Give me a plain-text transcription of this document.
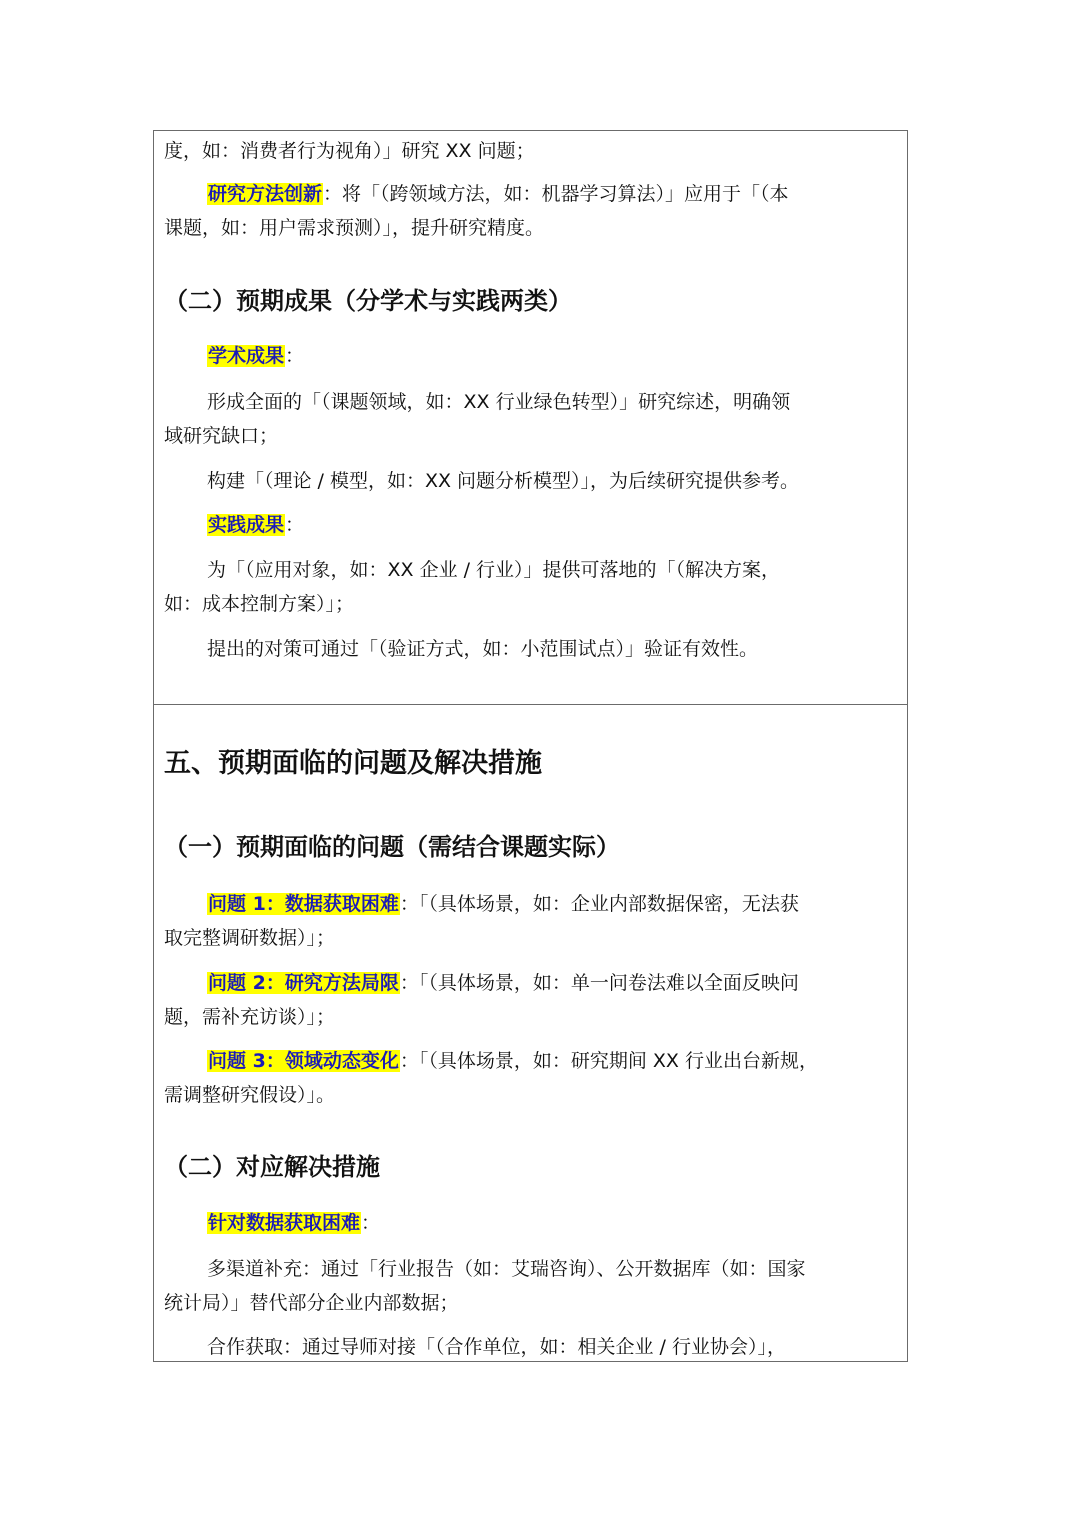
度，如：消费者行为视角）」研究 XX 问题；
研究方法创新：将「（跨领域方法，如：机器学习算法）」应用于「（本
课题，如：用户需求预测）」，提升研究精度。
（二）预期成果（分学术与实践两类）
学术成果：
形成全面的「（课题领域，如：XX 行业绿色转型）」研究综述，明确领
域研究缺口；
构建「（理论 / 模型，如：XX 问题分析模型）」，为后续研究提供参考。
实践成果：
为「（应用对象，如：XX 企业 / 行业）」提供可落地的「（解决方案，
如：成本控制方案）」；
提出的对策可通过「（验证方式，如：小范围试点）」验证有效性。
五、预期面临的问题及解决措施
（一）预期面临的问题（需结合课题实际）
问题 1：数据获取困难：「（具体场景，如：企业内部数据保密，无法获
取完整调研数据）」；
问题 2：研究方法局限：「（具体场景，如：单一问卷法难以全面反映问
题，需补充访谈）」；
问题 3：领域动态变化：「（具体场景，如：研究期间 XX 行业出台新规，
需调整研究假设）」。
（二）对应解决措施
针对数据获取困难：
多渠道补充：通过「行业报告（如：艾瑞咨询）、公开数据库（如：国家
统计局）」替代部分企业内部数据；
合作获取：通过导师对接「（合作单位，如：相关企业 / 行业协会）」，
